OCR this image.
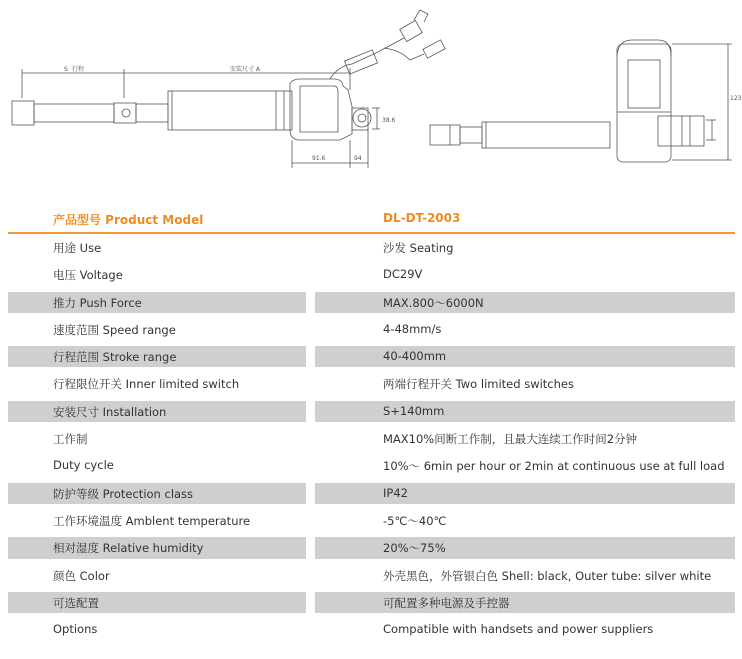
S 行程	安装尺寸 A
91.6	94
38.6
123
产品型号 Product Model	DL-DT-2003
用途 Use	沙发 Seating
电压 Voltage	DC29V
推力 Push Force	MAX.800～6000N
速度范围 Speed range	4-48mm/s
行程范围 Stroke range	40-400mm
行程限位开关 Inner limited switch	两端行程开关 Two limited switches
安装尺寸 Installation	S+140mm
工作制	MAX10%间断工作制，且最大连续工作时间2分钟
Duty cycle	10%～ 6min per hour or 2min at continuous use at full load
防护等级 Protection class	IP42
工作环境温度 Amblent temperature	-5℃～40℃
相对湿度 Relative humidity	20%～75%
颜色 Color	外壳黑色，外管银白色 Shell: black, Outer tube: silver white
可选配置	可配置多种电源及手控器
Options	Compatible with handsets and power suppliers
